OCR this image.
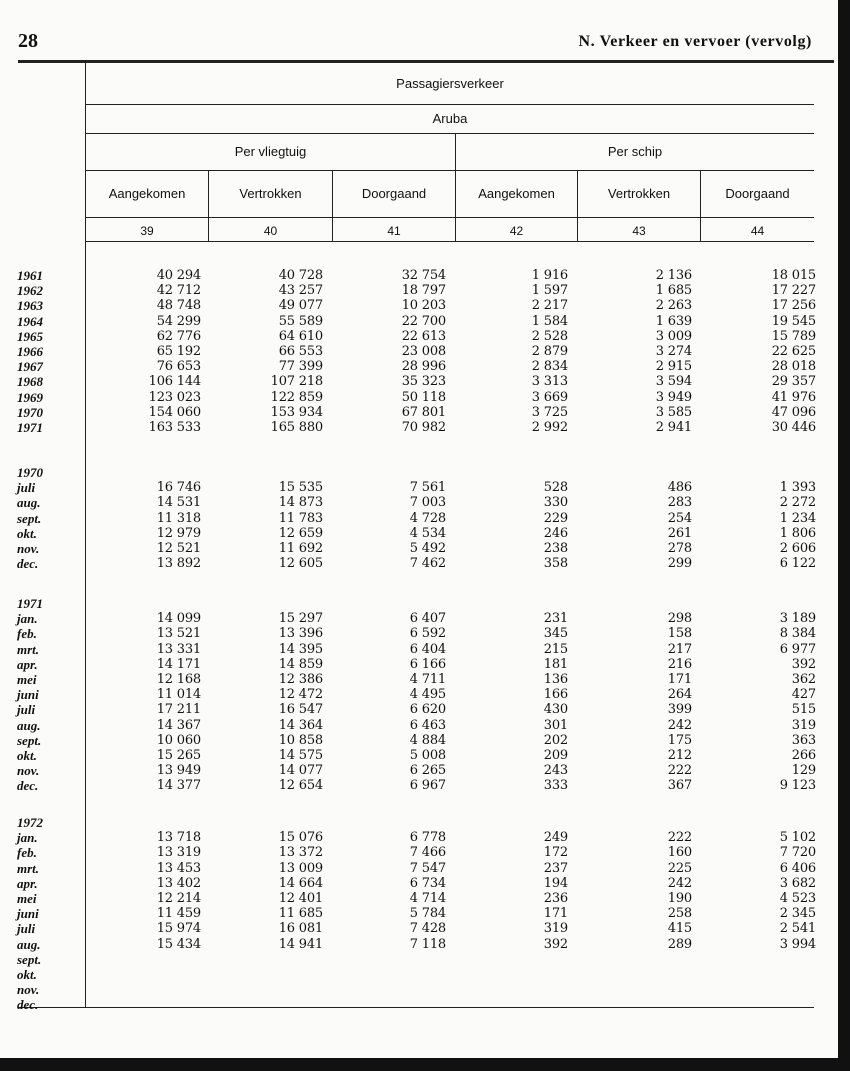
28	N. Verkeer en vervoer (vervolg)
Passagiersverkeer
Aruba
Per vliegtuig	Per schip
Aangekomen	Vertrokken	Doorgaand	Aangekomen	Vertrokken	Doorgaand
39	40	41	42	43	44
1961	40 294	40 728	32 754	1 916	2 136	18 015
1962	42 712	43 257	18 797	1 597	1 685	17 227
1963	48 748	49 077	10 203	2 217	2 263	17 256
1964	54 299	55 589	22 700	1 584	1 639	19 545
1965	62 776	64 610	22 613	2 528	3 009	15 789
1966	65 192	66 553	23 008	2 879	3 274	22 625
1967	76 653	77 399	28 996	2 834	2 915	28 018
1968	106 144	107 218	35 323	3 313	3 594	29 357
1969	123 023	122 859	50 118	3 669	3 949	41 976
1970	154 060	153 934	67 801	3 725	3 585	47 096
1971	163 533	165 880	70 982	2 992	2 941	30 446
1970
juli	16 746	15 535	7 561	528	486	1 393
aug.	14 531	14 873	7 003	330	283	2 272
sept.	11 318	11 783	4 728	229	254	1 234
okt.	12 979	12 659	4 534	246	261	1 806
nov.	12 521	11 692	5 492	238	278	2 606
dec.	13 892	12 605	7 462	358	299	6 122
1971
jan.	14 099	15 297	6 407	231	298	3 189
feb.	13 521	13 396	6 592	345	158	8 384
mrt.	13 331	14 395	6 404	215	217	6 977
apr.	14 171	14 859	6 166	181	216	392
mei	12 168	12 386	4 711	136	171	362
juni	11 014	12 472	4 495	166	264	427
juli	17 211	16 547	6 620	430	399	515
aug.	14 367	14 364	6 463	301	242	319
sept.	10 060	10 858	4 884	202	175	363
okt.	15 265	14 575	5 008	209	212	266
nov.	13 949	14 077	6 265	243	222	129
dec.	14 377	12 654	6 967	333	367	9 123
1972
jan.	13 718	15 076	6 778	249	222	5 102
feb.	13 319	13 372	7 466	172	160	7 720
mrt.	13 453	13 009	7 547	237	225	6 406
apr.	13 402	14 664	6 734	194	242	3 682
mei	12 214	12 401	4 714	236	190	4 523
juni	11 459	11 685	5 784	171	258	2 345
juli	15 974	16 081	7 428	319	415	2 541
aug.	15 434	14 941	7 118	392	289	3 994
sept.
okt.
nov.
dec.
